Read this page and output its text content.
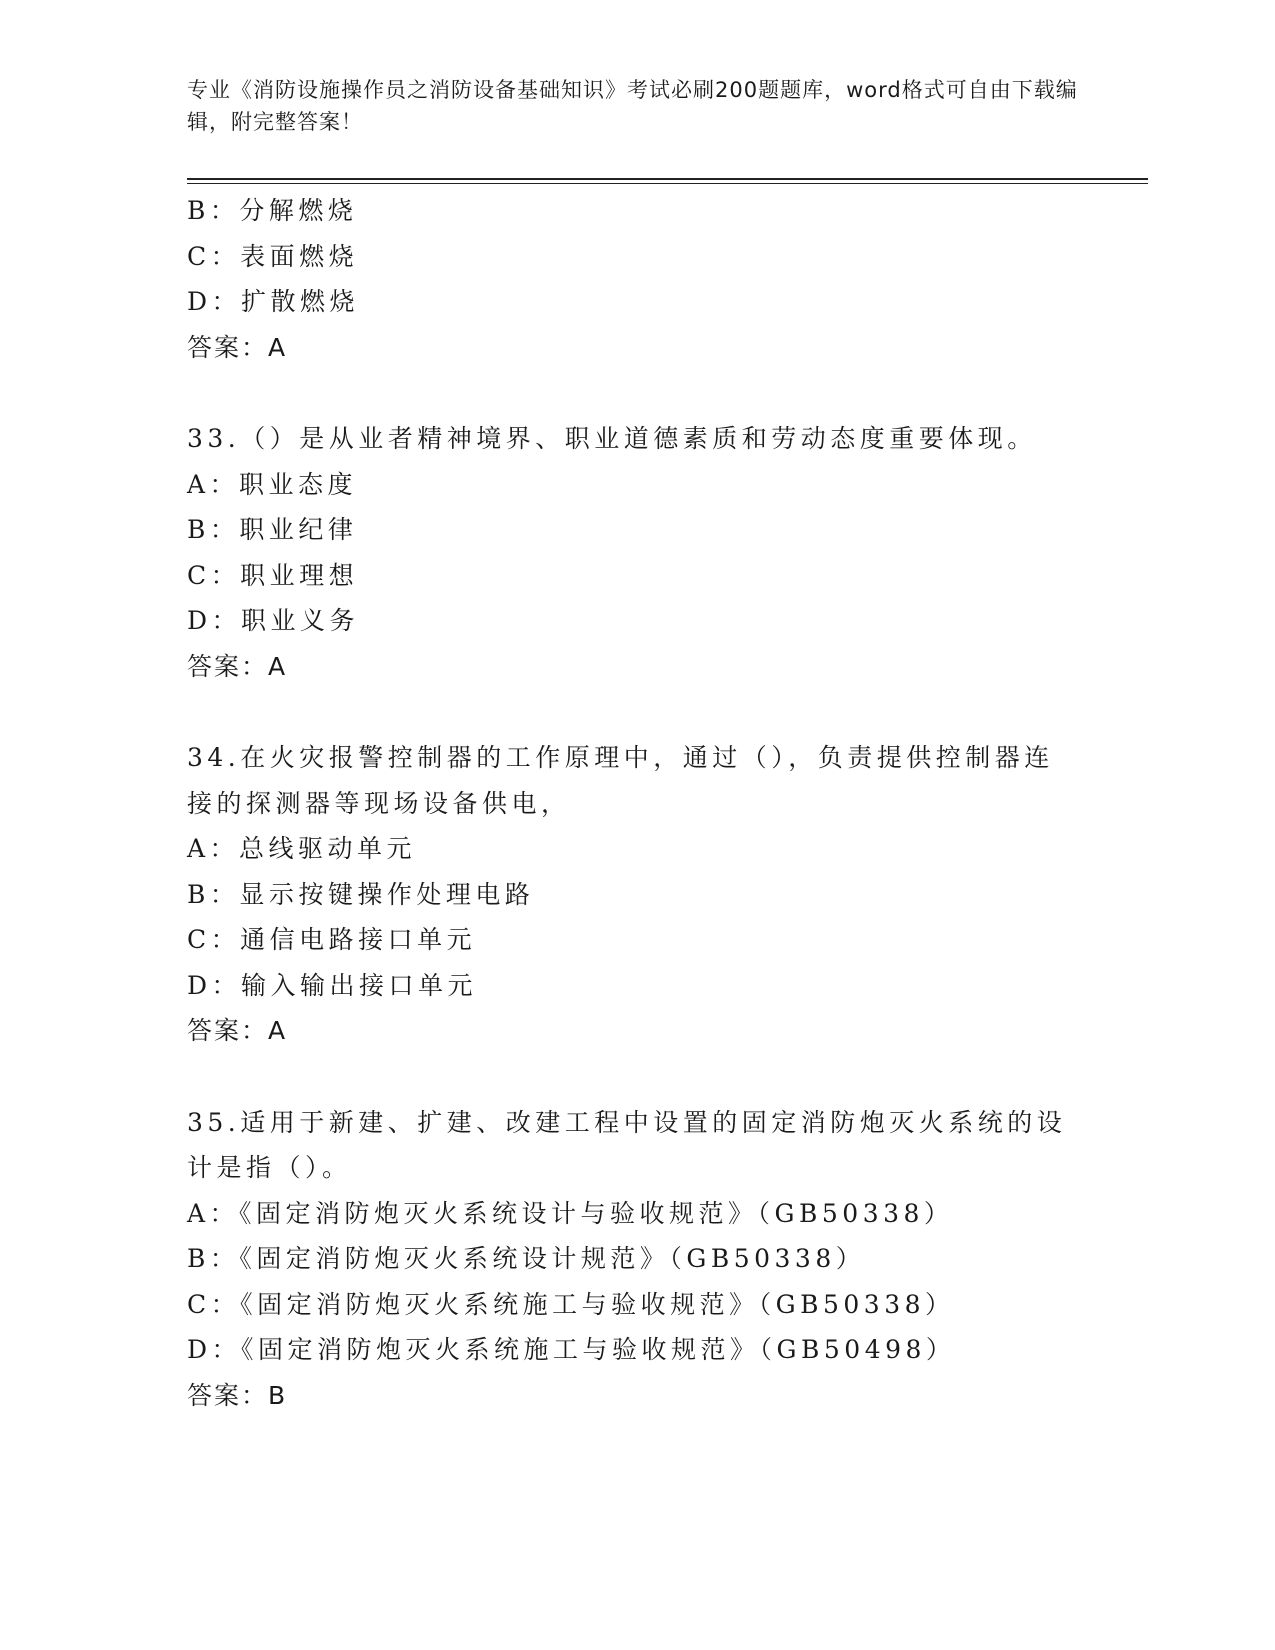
专业《消防设施操作员之消防设备基础知识》考试必刷200题题库，word格式可自由下载编辑，附完整答案！
B：分解燃烧
C：表面燃烧
D：扩散燃烧
答案：A
33.（）是从业者精神境界、职业道德素质和劳动态度重要体现。
A：职业态度
B：职业纪律
C：职业理想
D：职业义务
答案：A
34.在火灾报警控制器的工作原理中，通过（），负责提供控制器连接的探测器等现场设备供电，
A：总线驱动单元
B：显示按键操作处理电路
C：通信电路接口单元
D：输入输出接口单元
答案：A
35.适用于新建、扩建、改建工程中设置的固定消防炮灭火系统的设计是指（）。
A：《固定消防炮灭火系统设计与验收规范》（GB50338）
B：《固定消防炮灭火系统设计规范》（GB50338）
C：《固定消防炮灭火系统施工与验收规范》（GB50338）
D：《固定消防炮灭火系统施工与验收规范》（GB50498）
答案：B
